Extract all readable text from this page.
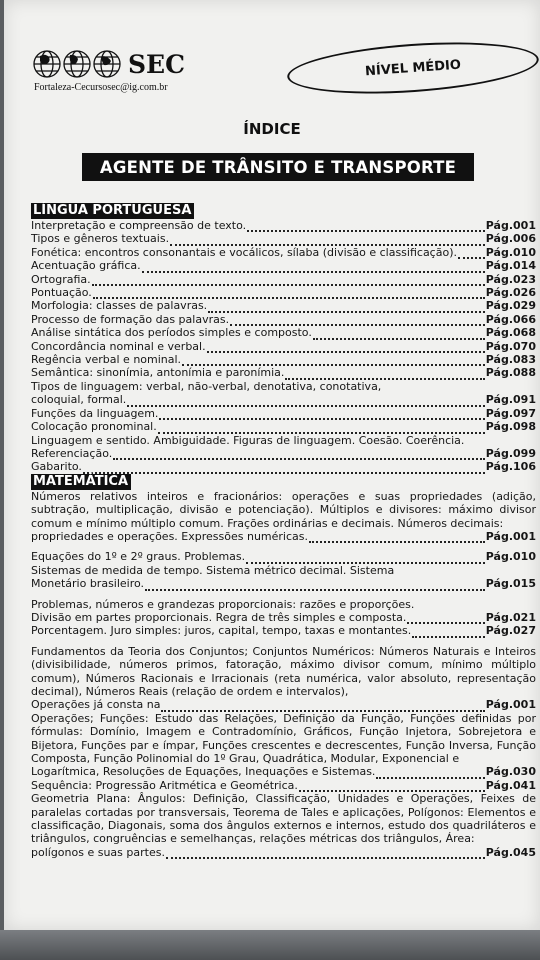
SEC
Fortaleza-Cecursosec@ig.com.br
NÍVEL MÉDIO
ÍNDICE
AGENTE DE TRÂNSITO E TRANSPORTE
LÍNGUA PORTUGUESA
Interpretação e compreensão de texto.	Pág.001
Tipos e gêneros textuais.	Pág.006
Fonética: encontros consonantais e vocálicos, sílaba (divisão e classificação).	Pág.010
Acentuação gráfica.	Pág.014
Ortografia.	Pág.023
Pontuação.	Pág.026
Morfologia: classes de palavras.	Pág.029
Processo de formação das palavras.	Pág.066
Análise sintática dos períodos simples e composto.	Pág.068
Concordância nominal e verbal.	Pág.070
Regência verbal e nominal.	Pág.083
Semântica: sinonímia, antonímia e paronímia.	Pág.088
Tipos de linguagem: verbal, não-verbal, denotativa, conotativa,
coloquial, formal.	Pág.091
Funções da linguagem.	Pág.097
Colocação pronominal.	Pág.098
Linguagem e sentido. Ambiguidade. Figuras de linguagem. Coesão. Coerência.
Referenciação.	Pág.099
Gabarito.	Pág.106
MATEMÁTICA
Números relativos inteiros e fracionários: operações e suas propriedades (adição, subtração, multiplicação, divisão e potenciação). Múltiplos e divisores: máximo divisor comum e mínimo múltiplo comum. Frações ordinárias e decimais. Números decimais:
propriedades e operações. Expressões numéricas.	Pág.001
Equações do 1º e 2º graus. Problemas.	Pág.010
Sistemas de medida de tempo. Sistema métrico decimal. Sistema
Monetário brasileiro.	Pág.015
Problemas, números e grandezas proporcionais: razões e proporções.
Divisão em partes proporcionais. Regra de três simples e composta.	Pág.021
Porcentagem. Juro simples: juros, capital, tempo, taxas e montantes.	Pág.027
Fundamentos da Teoria dos Conjuntos; Conjuntos Numéricos: Números Naturais e Inteiros (divisibilidade, números primos, fatoração, máximo divisor comum, mínimo múltiplo comum), Números Racionais e Irracionais (reta numérica, valor absoluto, representação decimal), Números Reais (relação de ordem e intervalos),
Operações já consta na	Pág.001
Operações; Funções: Estudo das Relações, Definição da Função, Funções definidas por fórmulas: Domínio, Imagem e Contradomínio, Gráficos, Função Injetora, Sobrejetora e Bijetora, Funções par e ímpar, Funções crescentes e decrescentes, Função Inversa, Função Composta, Função Polinomial do 1º Grau, Quadrática, Modular, Exponencial e
Logarítmica, Resoluções de Equações, Inequações e Sistemas.	Pág.030
Sequência: Progressão Aritmética e Geométrica.	Pág.041
Geometria Plana: Ângulos: Definição, Classificação, Unidades e Operações, Feixes de paralelas cortadas por transversais, Teorema de Tales e aplicações, Polígonos: Elementos e classificação, Diagonais, soma dos ângulos externos e internos, estudo dos quadriláteros e triângulos, congruências e semelhanças, relações métricas dos triângulos, Área:
polígonos e suas partes.	Pág.045
